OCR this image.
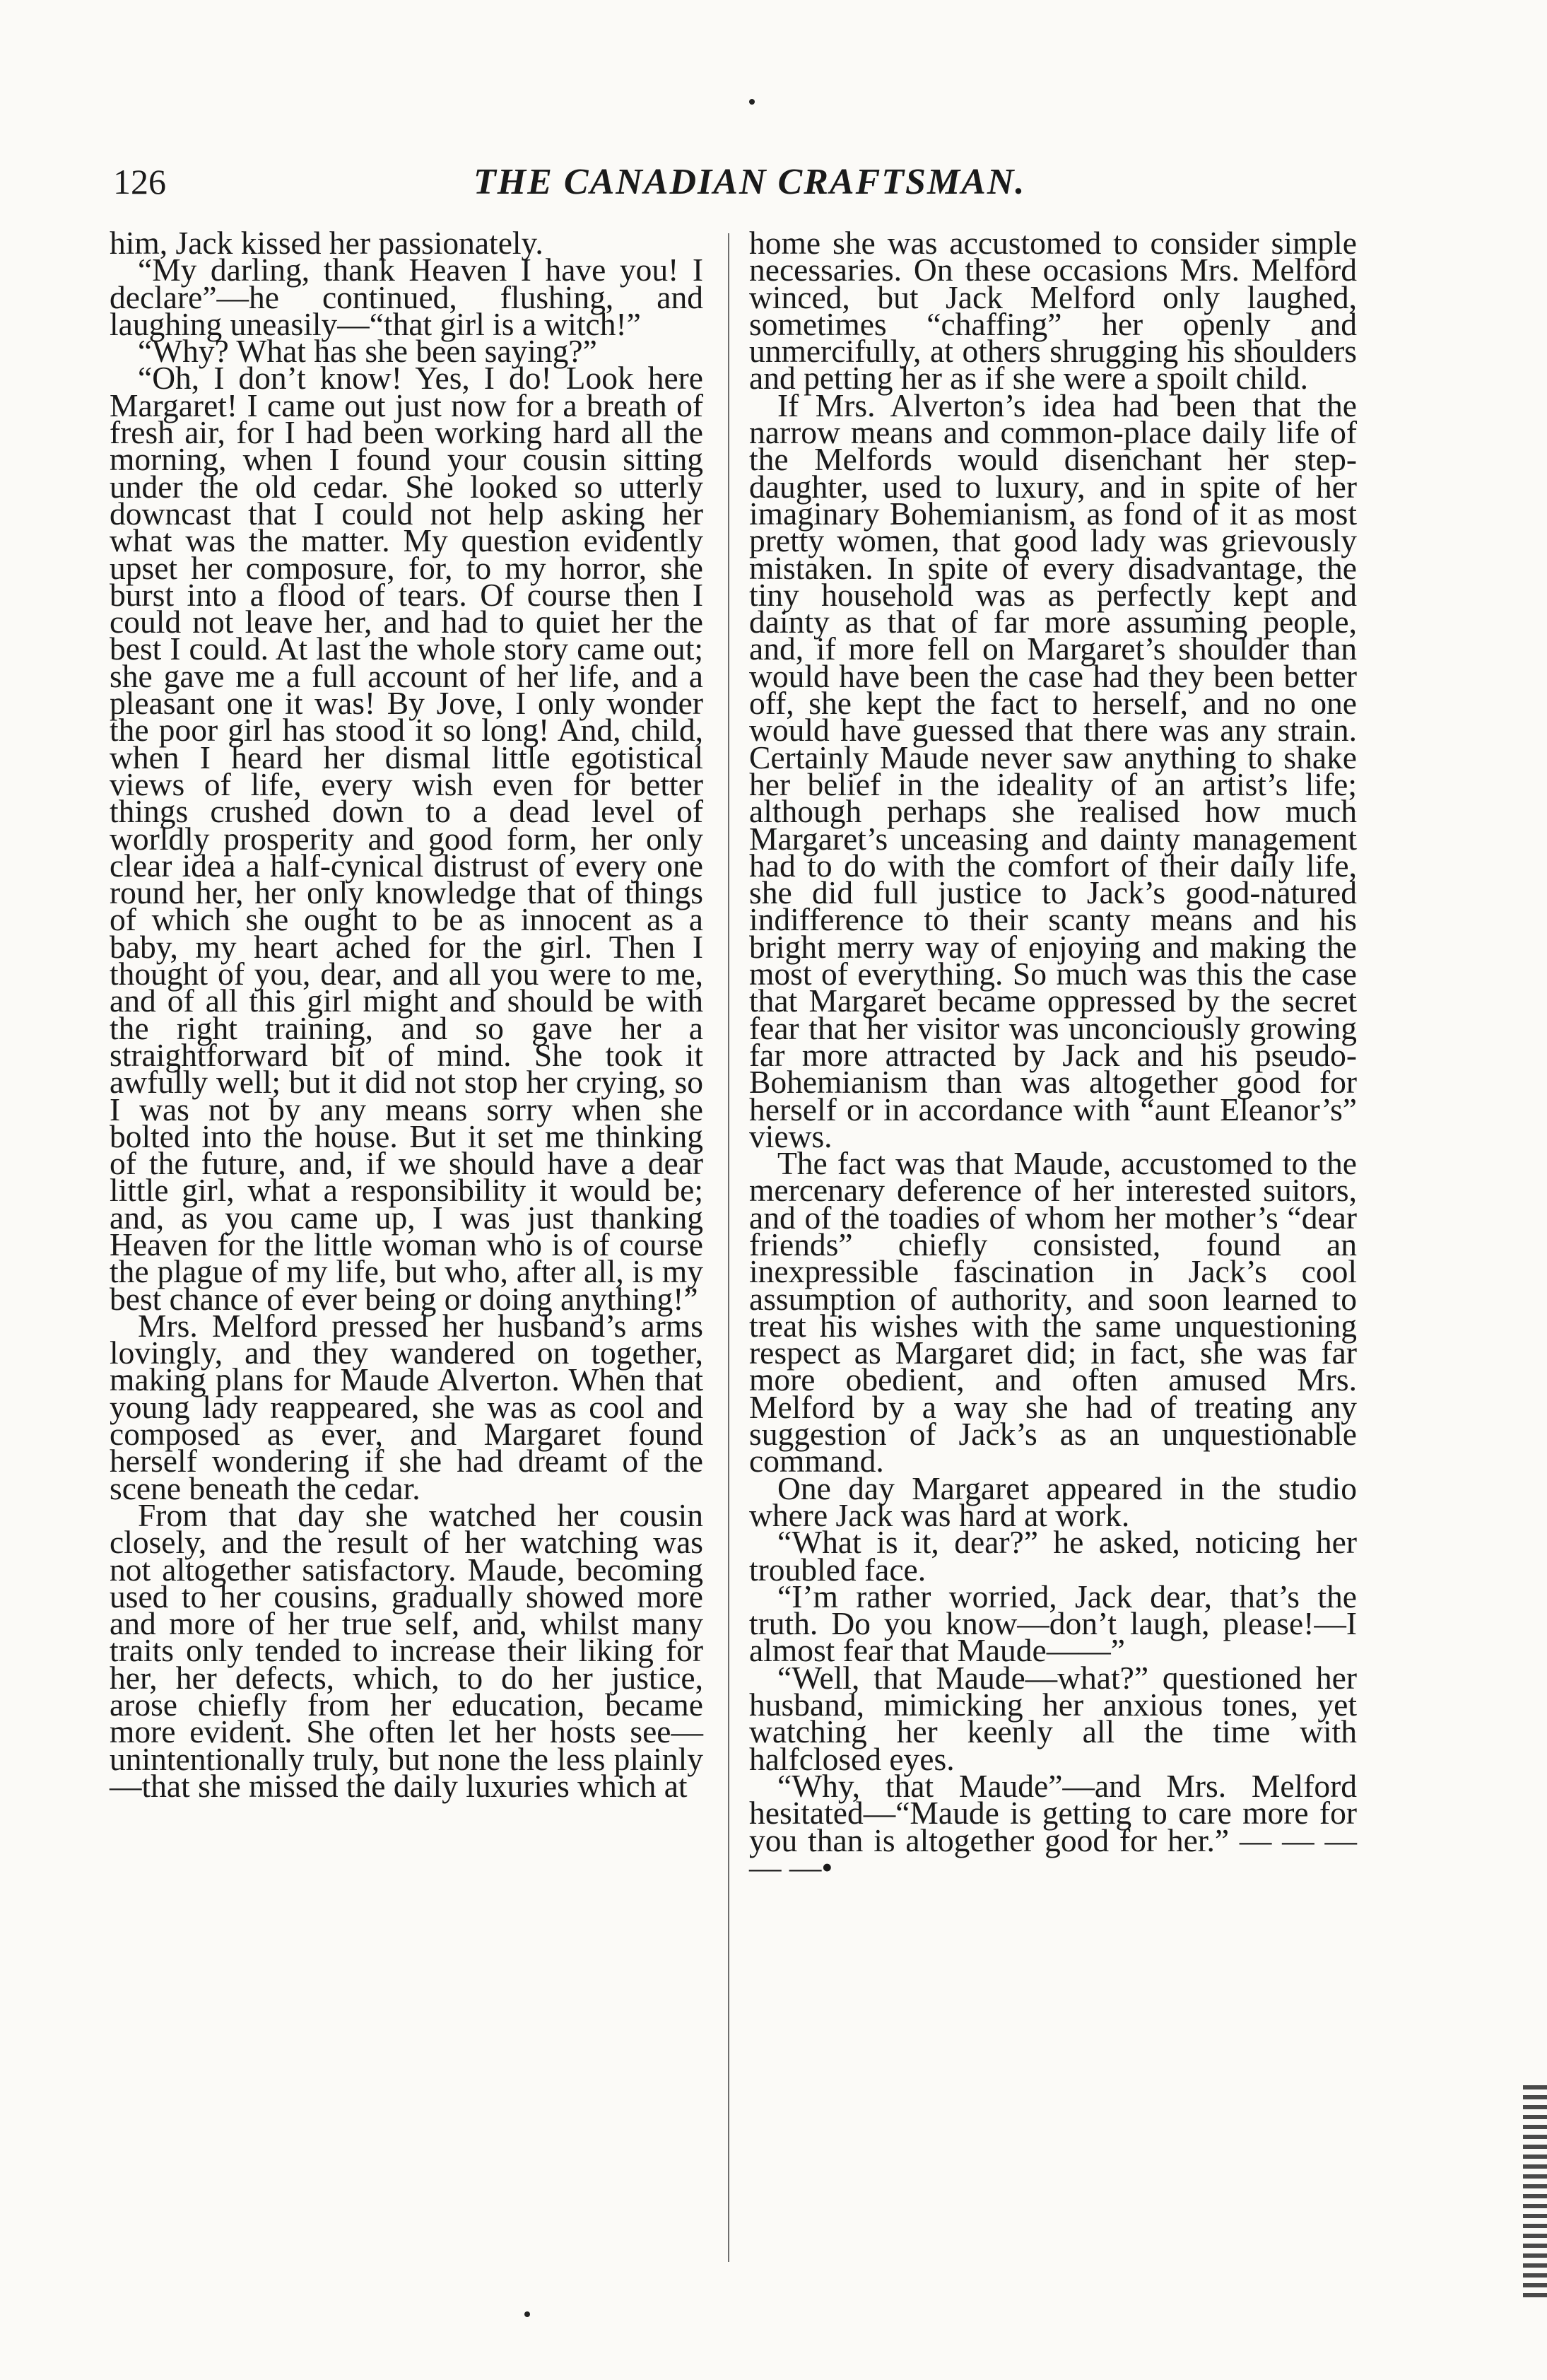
126	THE CANADIAN CRAFTSMAN.

him, Jack kissed her passionately.

“My darling, thank Heaven I have you! I declare”—he continued, flushing, and laughing uneasily—“that girl is a witch!”

“Why? What has she been saying?”

“Oh, I don’t know! Yes, I do! Look here Margaret! I came out just now for a breath of fresh air, for I had been working hard all the morning, when I found your cousin sitting under the old cedar. She looked so utterly downcast that I could not help asking her what was the matter. My question evidently upset her composure, for, to my horror, she burst into a flood of tears. Of course then I could not leave her, and had to quiet her the best I could. At last the whole story came out; she gave me a full account of her life, and a pleasant one it was! By Jove, I only wonder the poor girl has stood it so long! And, child, when I heard her dismal little egotistical views of life, every wish even for better things crushed down to a dead level of worldly prosperity and good form, her only clear idea a half-cynical distrust of every one round her, her only knowledge that of things of which she ought to be as innocent as a baby, my heart ached for the girl. Then I thought of you, dear, and all you were to me, and of all this girl might and should be with the right training, and so gave her a straightforward bit of mind. She took it awfully well; but it did not stop her crying, so I was not by any means sorry when she bolted into the house. But it set me thinking of the future, and, if we should have a dear little girl, what a responsibility it would be; and, as you came up, I was just thanking Heaven for the little woman who is of course the plague of my life, but who, after all, is my best chance of ever being or doing anything!”

Mrs. Melford pressed her husband’s arms lovingly, and they wandered on together, making plans for Maude Alverton. When that young lady reappeared, she was as cool and composed as ever, and Margaret found herself wondering if she had dreamt of the scene beneath the cedar.

From that day she watched her cousin closely, and the result of her watching was not altogether satisfactory. Maude, becoming used to her cousins, gradually showed more and more of her true self, and, whilst many traits only tended to increase their liking for her, her defects, which, to do her justice, arose chiefly from her education, became more evident. She often let her hosts see—unintentionally truly, but none the less plainly—that she missed the daily luxuries which at

home she was accustomed to consider simple necessaries. On these occasions Mrs. Melford winced, but Jack Melford only laughed, sometimes “chaffing” her openly and unmercifully, at others shrugging his shoulders and petting her as if she were a spoilt child.

If Mrs. Alverton’s idea had been that the narrow means and common-place daily life of the Melfords would disenchant her step-daughter, used to luxury, and in spite of her imaginary Bohemianism, as fond of it as most pretty women, that good lady was grievously mistaken. In spite of every disadvantage, the tiny household was as perfectly kept and dainty as that of far more assuming people, and, if more fell on Margaret’s shoulder than would have been the case had they been better off, she kept the fact to herself, and no one would have guessed that there was any strain. Certainly Maude never saw anything to shake her belief in the ideality of an artist’s life; although perhaps she realised how much Margaret’s unceasing and dainty management had to do with the comfort of their daily life, she did full justice to Jack’s good-natured indifference to their scanty means and his bright merry way of enjoying and making the most of everything. So much was this the case that Margaret became oppressed by the secret fear that her visitor was unconciously growing far more attracted by Jack and his pseudo-Bohemianism than was altogether good for herself or in accordance with “aunt Eleanor’s” views.

The fact was that Maude, accustomed to the mercenary deference of her interested suitors, and of the toadies of whom her mother’s “dear friends” chiefly consisted, found an inexpressible fascination in Jack’s cool assumption of authority, and soon learned to treat his wishes with the same unquestioning respect as Margaret did; in fact, she was far more obedient, and often amused Mrs. Melford by a way she had of treating any suggestion of Jack’s as an unquestionable command.

One day Margaret appeared in the studio where Jack was hard at work.

“What is it, dear?” he asked, noticing her troubled face.

“I’m rather worried, Jack dear, that’s the truth. Do you know—don’t laugh, please!—I almost fear that Maude——”

“Well, that Maude—what?” questioned her husband, mimicking her anxious tones, yet watching her keenly all the time with halfclosed eyes.

“Why, that Maude”—and Mrs. Melford hesitated—“Maude is getting to care more for you than is altogether good for her.” — — — — —•
